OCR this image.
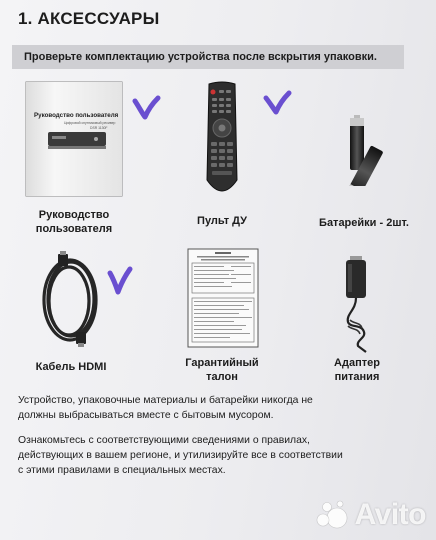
1. АКСЕССУАРЫ
Проверьте комплектацию устройства после вскрытия упаковки.
Руководство пользователя
Цифровой спутниковый ресивер
DSR 1130F
Руководство
пользователя
Пульт ДУ	Батарейки - 2шт.
Кабель HDMI	Гарантийный
талон
Адаптер
питания
Устройство, упаковочные материалы и батарейки никогда не
должны выбрасываться вместе с бытовым мусором.
Ознакомьтесь с соответствующими сведениями о правилах,
действующих в вашем регионе, и утилизируйте все в соответствии
с этими правилами в специальных местах.
Avito
